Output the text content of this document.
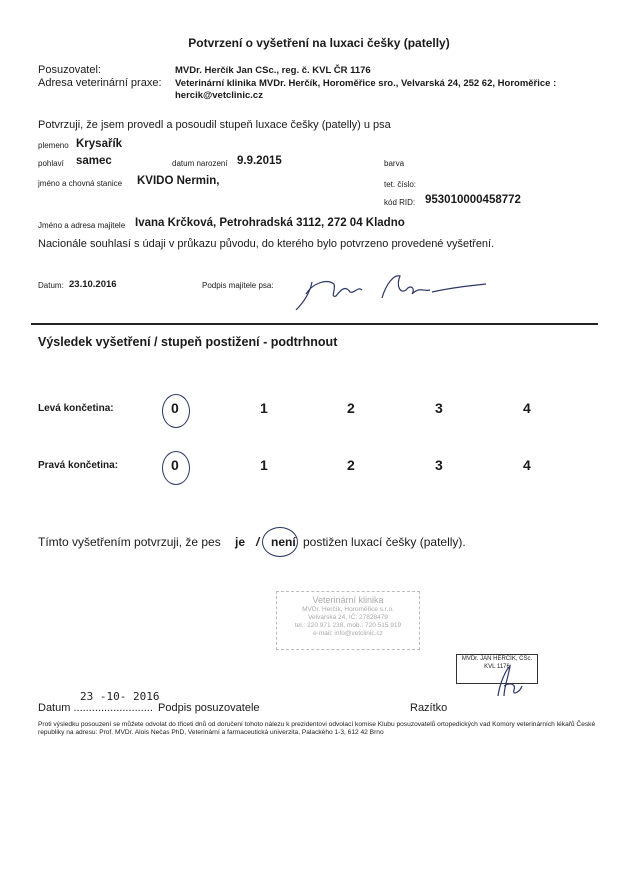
Potvrzení o vyšetření na luxaci češky (patelly)
Posuzovatel:	MVDr. Herčík Jan CSc., reg. č. KVL ČR 1176
Adresa veterinární praxe: Veterinární klinika MVDr. Herčík, Horoměřice sro., Velvarská 24, 252 62, Horoměřice :
hercik@vetclinic.cz
Potvrzuji, že jsem provedl a posoudil stupeň luxace češky (patelly) u psa
plemeno Krysařík
pohlaví samec	datum narození 9.9.2015	barva
jméno a chovná stanice KVIDO Nermin,	tet. číslo:
kód RID: 953010000458772
Jméno a adresa majitele Ivana Krčková, Petrohradská 3112, 272 04 Kladno
Nacionále souhlasí s údaji v průkazu původu, do kterého bylo potvrzeno provedené vyšetření.
Datum: 23.10.2016	Podpis majitele psa:
Výsledek vyšetření / stupeň postižení - podtrhnout
Levá končetina:	0	1	2	3	4
Pravá končetina:	0	1	2	3	4
Tímto vyšetřením potvrzuji, že pes je / není postižen luxací češky (patelly).
Veterinární klinika
MVDr. Herčík, Horoměřice s.r.o.
Velvarská 24, IČ: 27828479
tel.: 220 971 238, mob.: 720 515 919
e-mail: info@vetclinic.cz
MVDr. JAN HERČÍK, CSc.
KVL 1176
23 -10- 2016
Datum .......................... Podpis posuzovatele	Razítko
Proti výsledku posouzení se můžete odvolat do třiceti dnů od doručení tohoto nálezu k prezidentovi odvolací komise Klubu posuzovatelů ortopedických vad Komory veterinárních lékařů České republiky na adresu: Prof. MVDr. Alois Nečas PhD, Veterinární a farmaceutická univerzita, Palackého 1-3, 612 42 Brno
